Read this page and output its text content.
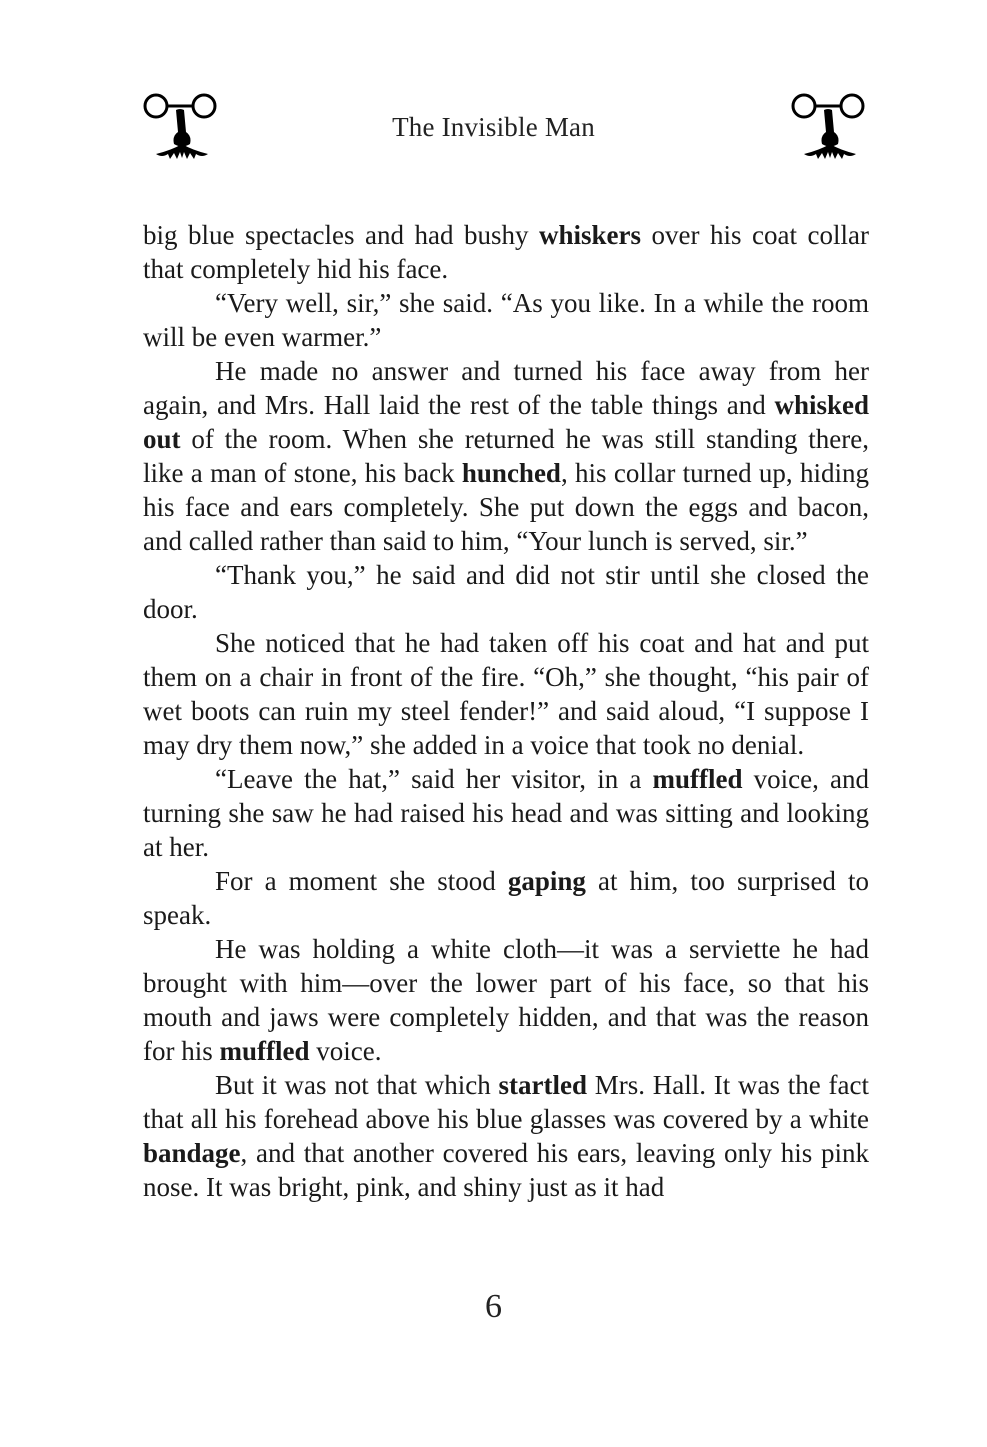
The Invisible Man

big blue spectacles and had bushy whiskers over his coat collar that completely hid his face.

“Very well, sir,” she said. “As you like. In a while the room will be even warmer.”

He made no answer and turned his face away from her again, and Mrs. Hall laid the rest of the table things and whisked out of the room. When she returned he was still standing there, like a man of stone, his back hunched, his collar turned up, hiding his face and ears completely. She put down the eggs and bacon, and called rather than said to him, “Your lunch is served, sir.”

“Thank you,” he said and did not stir until she closed the door.

She noticed that he had taken off his coat and hat and put them on a chair in front of the fire. “Oh,” she thought, “his pair of wet boots can ruin my steel fender!” and said aloud, “I suppose I may dry them now,” she added in a voice that took no denial.

“Leave the hat,” said her visitor, in a muffled voice, and turning she saw he had raised his head and was sitting and looking at her.

For a moment she stood gaping at him, too surprised to speak.

He was holding a white cloth—it was a serviette he had brought with him—over the lower part of his face, so that his mouth and jaws were completely hidden, and that was the reason for his muffled voice.

But it was not that which startled Mrs. Hall. It was the fact that all his forehead above his blue glasses was covered by a white bandage, and that another covered his ears, leaving only his pink nose. It was bright, pink, and shiny just as it had

6
